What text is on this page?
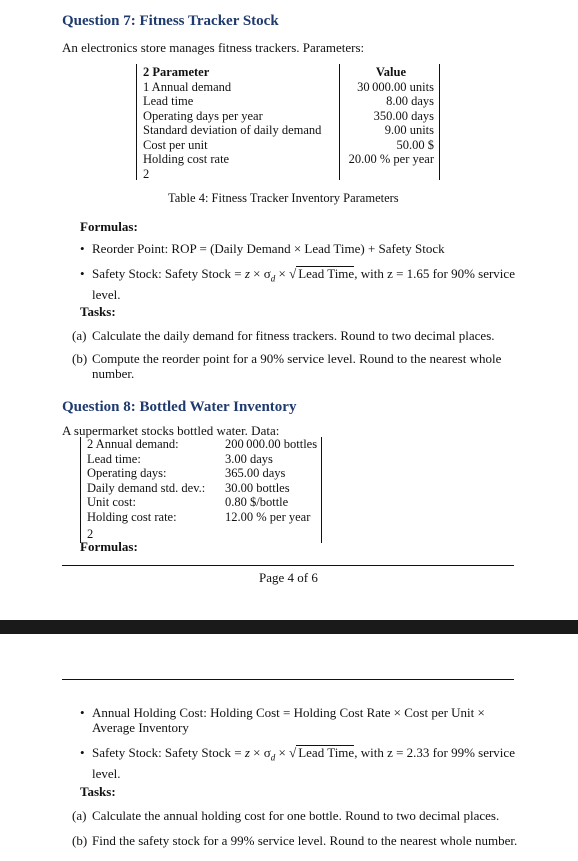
Question 7: Fitness Tracker Stock
An electronics store manages fitness trackers. Parameters:
2 Parameter	Value
1 Annual demand	30 000.00 units
Lead time	8.00 days
Operating days per year	350.00 days
Standard deviation of daily demand	9.00 units
Cost per unit	50.00 $
Holding cost rate	20.00 % per year
2
Table 4: Fitness Tracker Inventory Parameters
Formulas:
• Reorder Point: ROP = (Daily Demand × Lead Time) + Safety Stock
• Safety Stock: Safety Stock = $z \times \sigma_d$ × √ Lead Time, with z = 1.65 for 90% service
level.
Tasks:
(a) Calculate the daily demand for fitness trackers. Round to two decimal places.
(b) Compute the reorder point for a 90% service level. Round to the nearest whole
number.
Question 8: Bottled Water Inventory
A supermarket stocks bottled water. Data:
2 Annual demand:	200 000.00 bottles
Lead time:	3.00 days
Operating days:	365.00 days
Daily demand std. dev.: 30.00 bottles
Unit cost:	0.80 $/bottle
Holding cost rate:	12.00 % per year
2
Formulas:
Page 4 of 6
• Annual Holding Cost: Holding Cost = Holding Cost Rate × Cost per Unit ×
Average Inventory
• Safety Stock: Safety Stock = $z \times \sigma_d$ × √ Lead Time, with z = 2.33 for 99% service
level.
Tasks:
(a) Calculate the annual holding cost for one bottle. Round to two decimal places.
(b) Find the safety stock for a 99% service level. Round to the nearest whole number.
